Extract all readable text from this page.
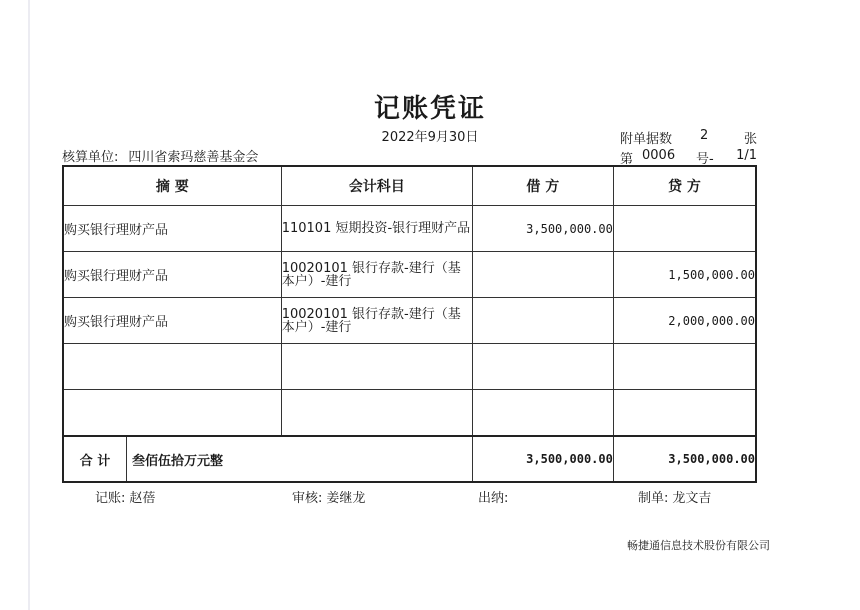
记账凭证
2022年9月30日
核算单位: 四川省索玛慈善基金会
附单据数 2	张
第 0006 号- 1/1
摘 要	会计科目	借 方	贷 方
购买银行理财产品	110101 短期投资-银行理财产品	3,500,000.00	
购买银行理财产品	10020101 银行存款-建行（基本户）-建行		1,500,000.00
购买银行理财产品	10020101 银行存款-建行（基本户）-建行		2,000,000.00

合 计 叁佰伍拾万元整		3,500,000.00	3,500,000.00
记账: 赵蓓	审核: 姜继龙	出纳:	制单: 龙文吉
畅捷通信息技术股份有限公司
